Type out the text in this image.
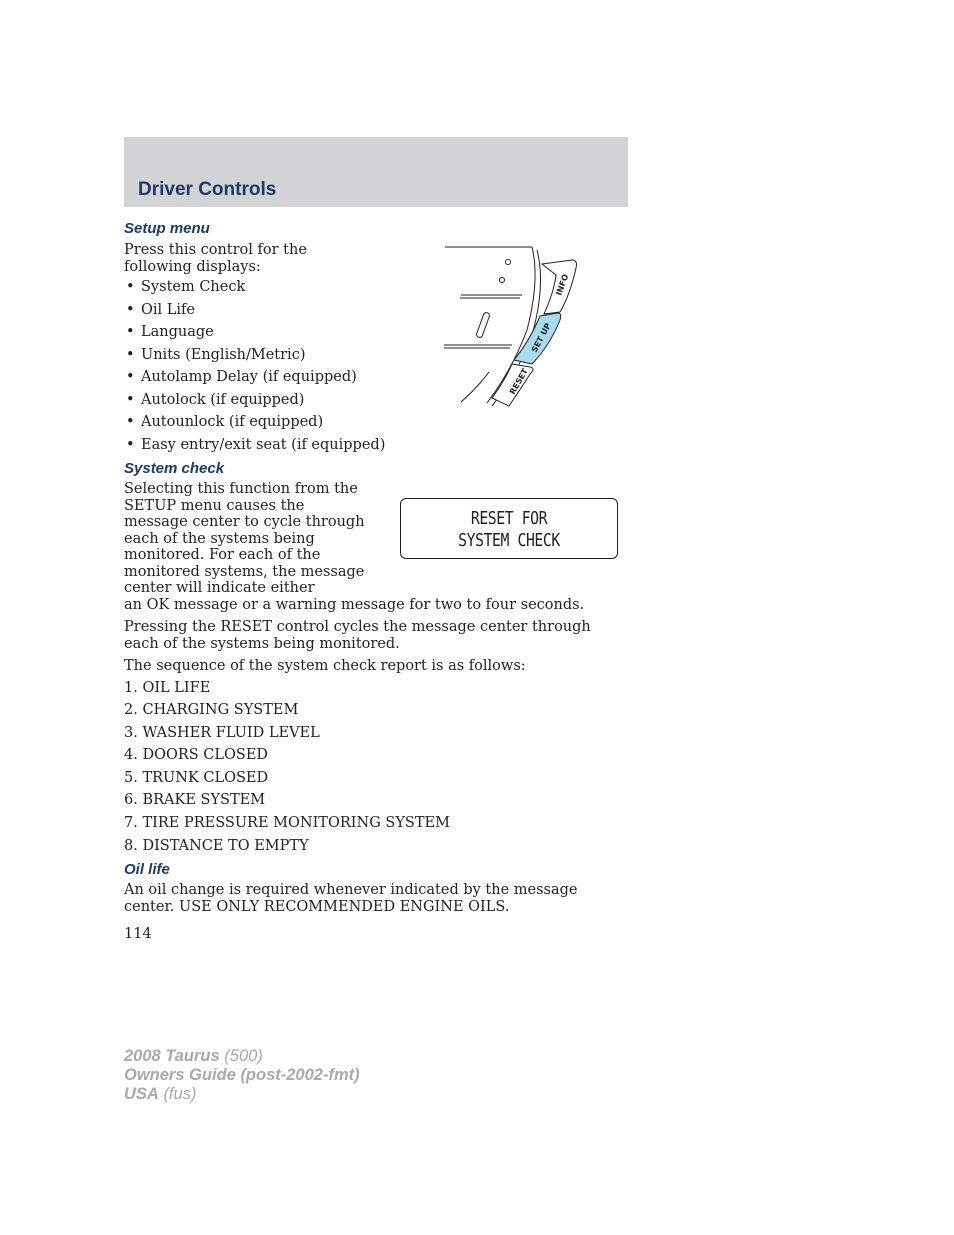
Driver Controls
Setup menu

Press this control for the following displays:

• System Check
• Oil Life
• Language
• Units (English/Metric)
• Autolamp Delay (if equipped)
• Autolock (if equipped)
• Autounlock (if equipped)
• Easy entry/exit seat (if equipped)
System check

Selecting this function from the SETUP menu causes the message center to cycle through each of the systems being monitored. For each of the monitored systems, the message center will indicate either
an OK message or a warning message for two to four seconds.

Pressing the RESET control cycles the message center through each of the systems being monitored.

The sequence of the system check report is as follows:

1. OIL LIFE
2. CHARGING SYSTEM
3. WASHER FLUID LEVEL
4. DOORS CLOSED
5. TRUNK CLOSED
6. BRAKE SYSTEM
7. TIRE PRESSURE MONITORING SYSTEM
8. DISTANCE TO EMPTY
Oil life

An oil change is required whenever indicated by the message center. USE ONLY RECOMMENDED ENGINE OILS.

INFO
SET UP
RESET
RESET FOR
SYSTEM CHECK
114
2008 Taurus (500)
Owners Guide (post-2002-fmt)
USA (fus)
